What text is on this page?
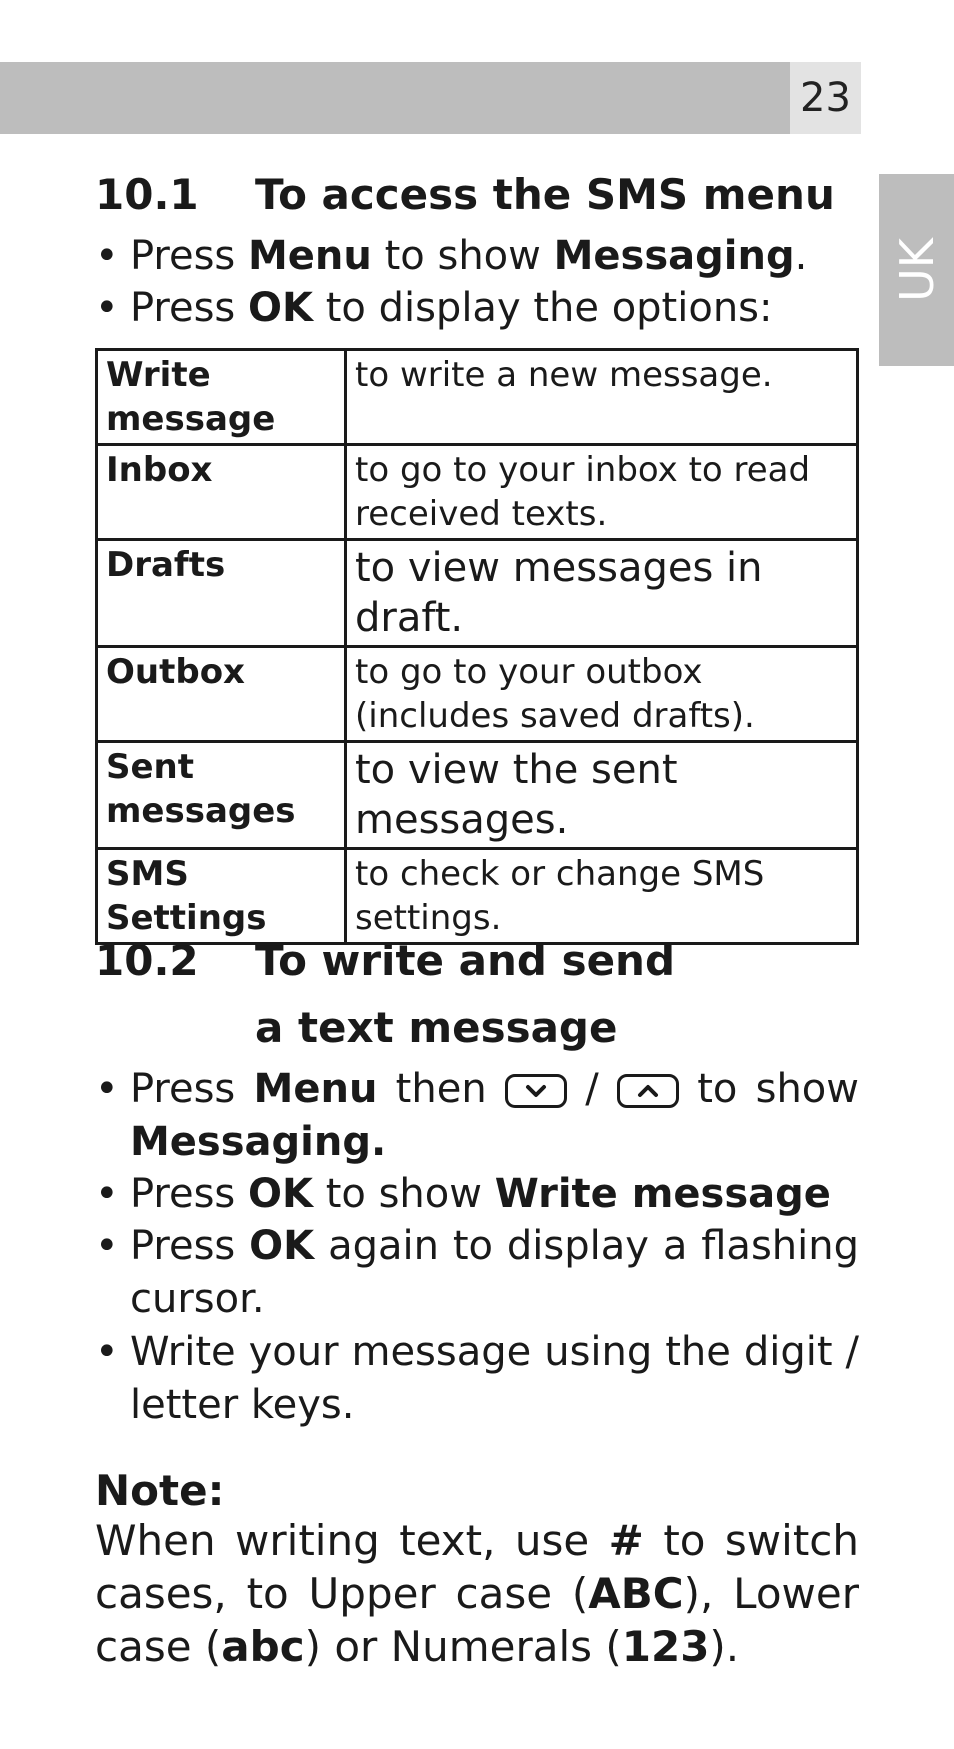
23
UK
10.1 To access the SMS menu
• Press Menu to show Messaging.
• Press OK to display the options:
Write message	to write a new message.
Inbox	to go to your inbox to read received texts.
Drafts	to view messages in draft.
Outbox	to go to your outbox (includes saved drafts).
Sent messages	to view the sent messages.
SMS Settings	to check or change SMS settings.
10.2 To write and send
a text message
• Press Menu then
/
to show Messaging.
• Press OK to show Write message
• Press OK again to display a flashing cursor.
• Write your message using the digit / letter keys.
Note:
When writing text, use # to switch cases, to Upper case (ABC), Lower case (abc) or Numerals (123).
